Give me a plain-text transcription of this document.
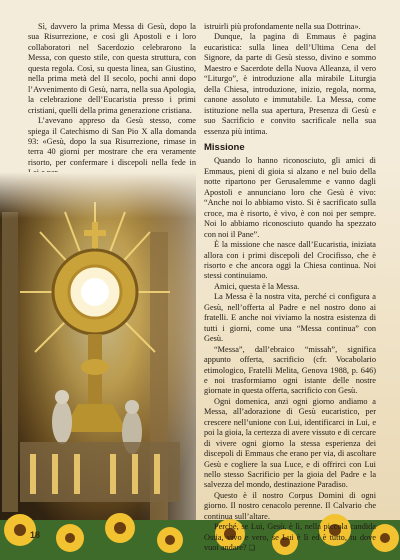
Sì, davvero la prima Messa di Gesù, dopo la sua Risurrezione, e così gli Apostoli e i loro collaboratori nel Sacerdozio celebrarono la Messa, con questo stile, con questa struttura, con questa regola. Così, su questa linea, san Giustino, nella prima metà del II secolo, pochi anni dopo l’Avvenimento di Gesù, narra, nella sua Apologia, la celebrazione dell’Eucaristia presso i primi cristiani, quelli della prima generazione cristiana.

L’avevano appreso da Gesù stesso, come spiega il Catechismo di San Pio X alla domanda 93: «Gesù, dopo la sua Risurrezione, rimase in terra 40 giorni per mostrare che era veramente risorto, per confermare i discepoli nella fede in

istruirli più profondamente nella sua Dottrina».

Dunque, la pagina di Emmaus è pagina eucaristica: sulla linea dell’Ultima Cena del Signore, da parte di Gesù stesso, divino e sommo Maestro e Sacerdote della Nuova Alleanza, il vero “Liturgo”, è introduzione alla mirabile Liturgia della Chiesa, introduzione, inizio, regola, norma, canone assoluto e immutabile. La Messa, come istituzione nella sua apertura, Presenza di Gesù e suo Sacrificio e convito sacrificale nella sua essenza più intima.

Missione

Quando lo hanno riconosciuto, gli amici di Emmaus, pieni di gioia si alzano e nel buio della notte ripartono per Gerusalemme e vanno dagli Apostoli e annunciano loro che Gesù è vivo: “Anche noi lo abbiamo visto. Si è sacrificato sulla croce, ma è risorto, è vivo, è con noi per sempre. Noi lo abbiamo riconosciuto quando ha spezzato con noi il Pane”.

È la missione che nasce dall’Eucaristia, iniziata allora con i primi discepoli del Crocifisso, che è risorto e che ancora oggi la Chiesa continua. Noi stessi continuiamo.

Amici, questa è la Messa.

La Messa è la nostra vita, perché ci configura a Gesù, nell’offerta al Padre e nel nostro dono ai fratelli. E anche noi viviamo la nostra esistenza di tutti i giorni, come una “Messa continua” con Gesù.

“Messa”, dall’ebraico “missah”, significa appunto offerta, sacrificio (cfr. Vocabolario etimologico, Fratelli Melita, Genova 1988, p. 646) e noi trasformiamo ogni istante delle nostre giornate in questa offerta, sacrificio con Gesù.

Ogni domenica, anzi ogni giorno andiamo a Messa, all’adorazione di Gesù eucaristico, per crescere nell’unione con Lui, identificarci in Lui, e poi la gioia, la certezza di avere vissuto e di cercare di vivere ogni giorno la stessa esperienza dei discepoli di Emmaus che erano per via, di ascoltare Gesù e cogliere la sua Luce, e di offrirci con Lui nello stesso Sacrificio per la gioia del Padre e la salvezza del mondo, destinazione Paradiso.

Questo è il nostro Corpus Domini di ogni giorno. Il nostro cenacolo perenne. Il Calvario che continua sull’altare.

Perché, se Lui, Gesù, è lì, nella piccola candida Ostia, vivo e vero, se Lui è lì ed è tutto, tu dove vuoi andare? ❑

18
